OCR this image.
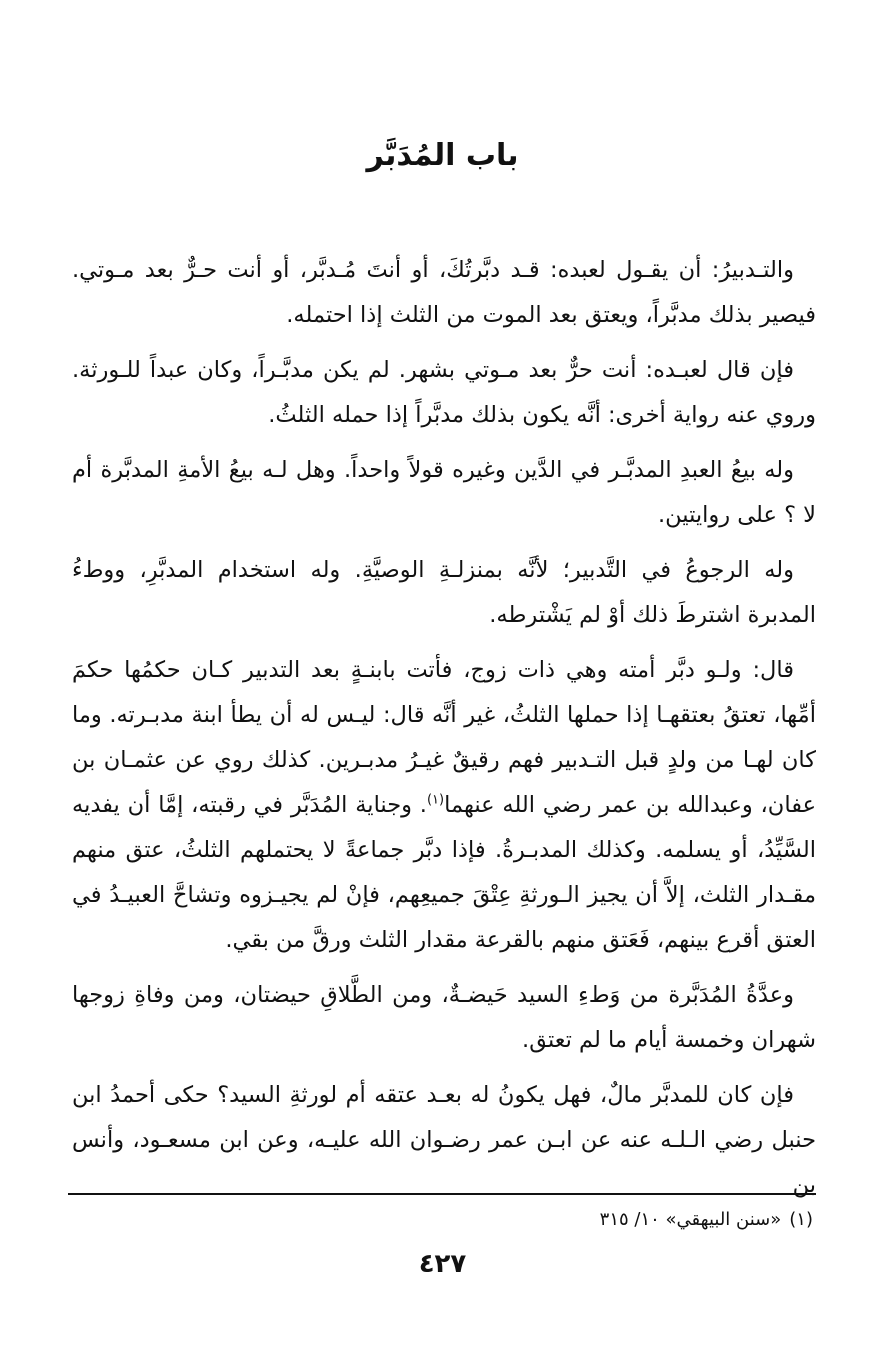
باب المُدَبَّر

والتـدبيرُ: أن يقـول لعبده: قـد دبَّرتُكَ، أو أنتَ مُـدبَّر، أو أنت حـرٌّ بعد مـوتي. فيصير بذلك مدبَّراً، ويعتق بعد الموت من الثلث إذا احتمله.

فإن قال لعبـده: أنت حرٌّ بعد مـوتي بشهر. لم يكن مدبَّـراً، وكان عبداً للـورثة. وروي عنه رواية أخرى: أنَّه يكون بذلك مدبَّراً إذا حمله الثلثُ.

وله بيعُ العبدِ المدبَّـر في الدَّين وغيره قولاً واحداً. وهل لـه بيعُ الأمةِ المدبَّرة أم لا ؟ على روايتين.

وله الرجوعُ في التَّدبير؛ لأنَّه بمنزلـةِ الوصيَّةِ. وله استخدام المدبَّرِ، ووطءُ المدبرة اشترطَ ذلك أوْ لم يَشْترطه.

قال: ولـو دبَّر أمته وهي ذات زوج، فأتت بابنـةٍ بعد التدبير كـان حكمُها حكمَ أمِّها، تعتقُ بعتقهـا إذا حملها الثلثُ، غير أنَّه قال: ليـس له أن يطأ ابنة مدبـرته. وما كان لهـا من ولدٍ قبل التـدبير فهم رقيقٌ غيـرُ مدبـرين. كذلك روي عن عثمـان بن عفان، وعبدالله بن عمر رضي الله عنهما$^{(١)}$. وجناية المُدَبَّر في رقبته، إمَّا أن يفديه السَّيِّدُ، أو يسلمه. وكذلك المدبـرةُ. فإذا دبَّر جماعةً لا يحتملهم الثلثُ، عتق منهم مقـدار الثلث، إلاَّ أن يجيز الـورثةِ عِتْقَ جميعِهم، فإنْ لم يجيـزوه وتشاحَّ العبيـدُ في العتق أقرع بينهم، فَعَتق منهم بالقرعة مقدار الثلث ورقَّ من بقي.

وعدَّةُ المُدَبَّرة من وَطءِ السيد حَيضـةٌ، ومن الطَّلاقِ حيضتان، ومن وفاةِ زوجها شهران وخمسة أيام ما لم تعتق.

فإن كان للمدبَّر مالٌ، فهل يكونُ له بعـد عتقه أم لورثةِ السيد؟ حكى أحمدُ ابن حنبل رضي الـلـه عنه عن ابـن عمر رضـوان الله عليـه، وعن ابن مسعـود، وأنس بن

(١)«سنن البيهقي» ١٠/ ٣١٥
٤٢٧
